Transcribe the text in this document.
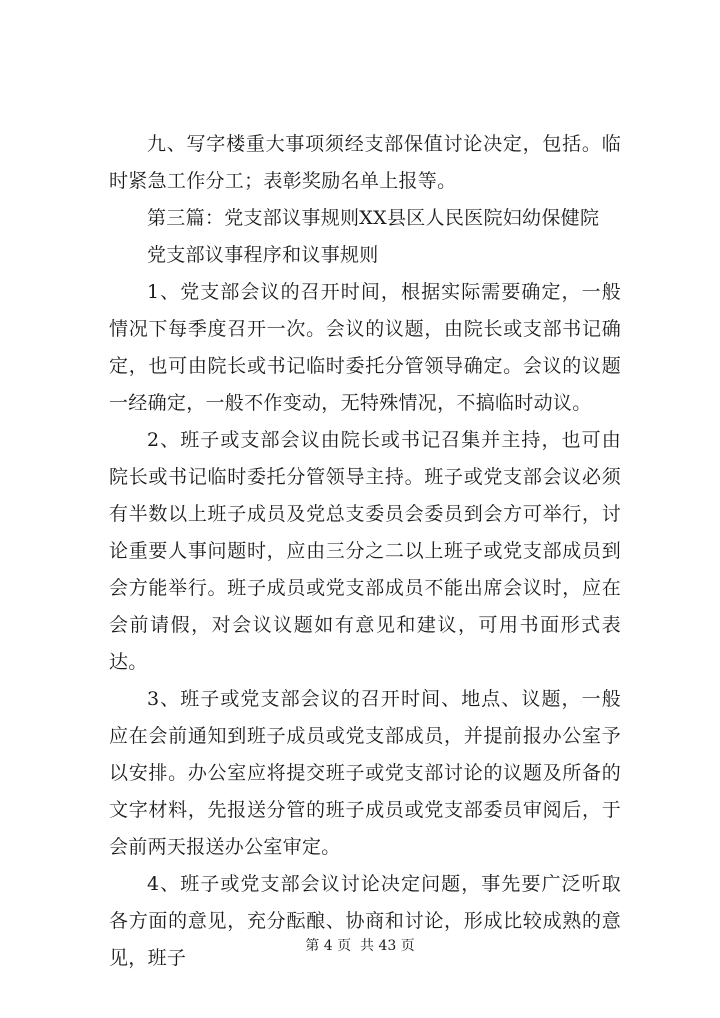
九、写字楼重大事项须经支部保值讨论决定，包括。临时紧急工作分工；表彰奖励名单上报等。

第三篇：党支部议事规则XX县区人民医院妇幼保健院

党支部议事程序和议事规则

1、党支部会议的召开时间，根据实际需要确定，一般情况下每季度召开一次。会议的议题，由院长或支部书记确定，也可由院长或书记临时委托分管领导确定。会议的议题一经确定，一般不作变动，无特殊情况，不搞临时动议。

2、班子或支部会议由院长或书记召集并主持，也可由院长或书记临时委托分管领导主持。班子或党支部会议必须有半数以上班子成员及党总支委员会委员到会方可举行，讨论重要人事问题时，应由三分之二以上班子或党支部成员到会方能举行。班子成员或党支部成员不能出席会议时，应在会前请假，对会议议题如有意见和建议，可用书面形式表达。

3、班子或党支部会议的召开时间、地点、议题，一般应在会前通知到班子成员或党支部成员，并提前报办公室予以安排。办公室应将提交班子或党支部讨论的议题及所备的文字材料，先报送分管的班子成员或党支部委员审阅后，于会前两天报送办公室审定。

4、班子或党支部会议讨论决定问题，事先要广泛听取各方面的意见，充分酝酿、协商和讨论，形成比较成熟的意见，班子

第 4 页  共 43 页
